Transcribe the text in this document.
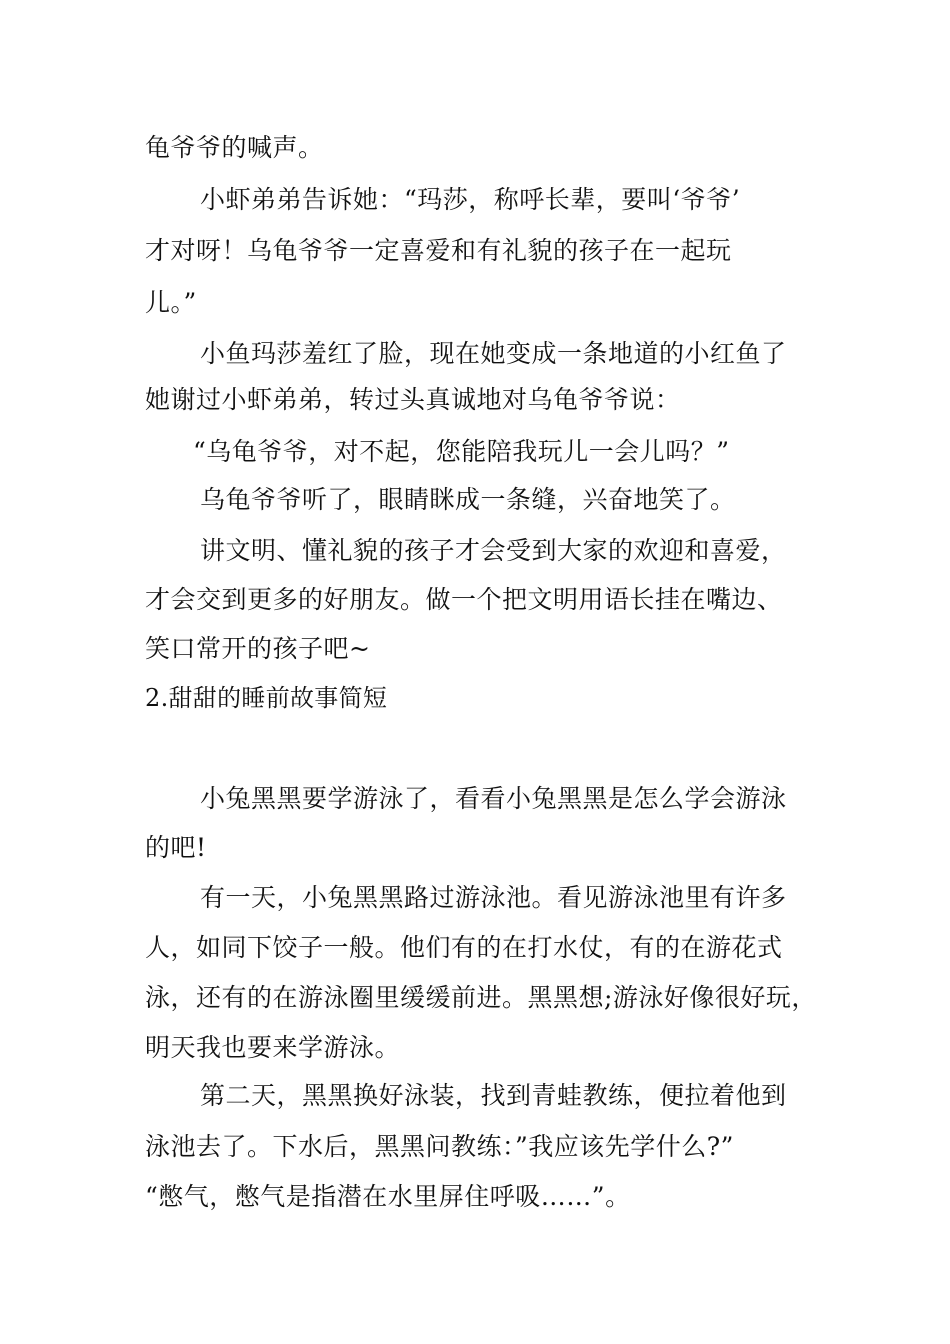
龟爷爷的喊声。
小虾弟弟告诉她：“玛莎，称呼长辈，要叫‘爷爷’
才对呀！乌龟爷爷一定喜爱和有礼貌的孩子在一起玩
儿。”
小鱼玛莎羞红了脸，现在她变成一条地道的小红鱼了
她谢过小虾弟弟，转过头真诚地对乌龟爷爷说：
“乌龟爷爷，对不起，您能陪我玩儿一会儿吗？”
乌龟爷爷听了，眼睛眯成一条缝，兴奋地笑了。
讲文明、懂礼貌的孩子才会受到大家的欢迎和喜爱，
才会交到更多的好朋友。做一个把文明用语长挂在嘴边、
笑口常开的孩子吧~
2.甜甜的睡前故事简短
小兔黑黑要学游泳了，看看小兔黑黑是怎么学会游泳
的吧!
有一天，小兔黑黑路过游泳池。看见游泳池里有许多
人，如同下饺子一般。他们有的在打水仗，有的在游花式
泳，还有的在游泳圈里缓缓前进。黑黑想;游泳好像很好玩，
明天我也要来学游泳。
第二天，黑黑换好泳装，找到青蛙教练，便拉着他到
泳池去了。下水后，黑黑问教练：”我应该先学什么?”
“憋气，憋气是指潜在水里屏住呼吸……”。
